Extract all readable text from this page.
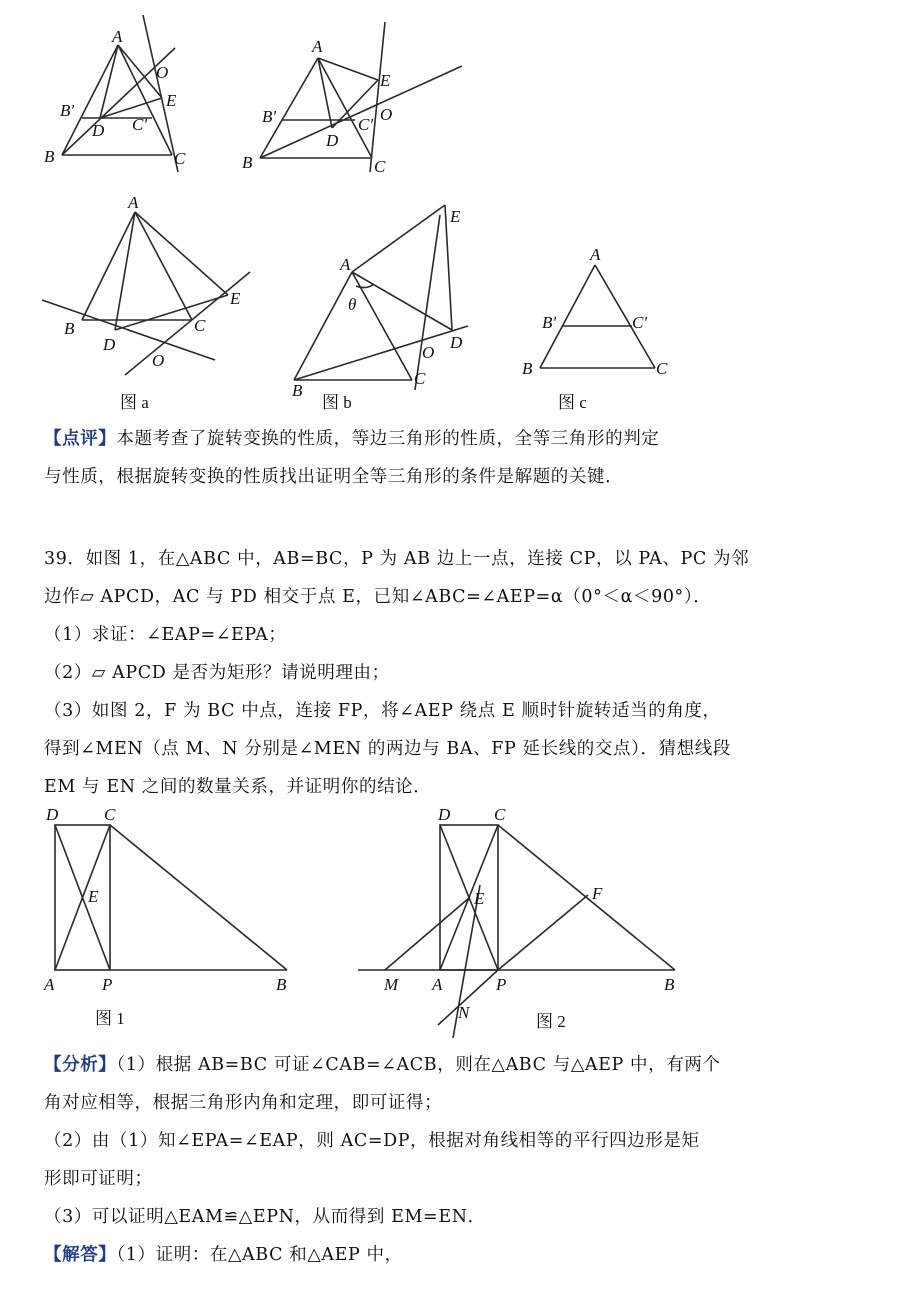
A
B'
D C'
O
E
B	C
A
B'
D
C'
E
O
B	C
A
B
D
C
E
O
图 a
A
θ
E
D
O
B
C
图 b
A
B'	C'
B	C
图 c
【点评】本题考查了旋转变换的性质，等边三角形的性质，全等三角形的判定
与性质，根据旋转变换的性质找出证明全等三角形的条件是解题的关键．
39．如图 1，在△ABC 中，AB=BC，P 为 AB 边上一点，连接 CP，以 PA、PC 为邻
边作▱ APCD，AC 与 PD 相交于点 E，已知∠ABC=∠AEP=α（0°＜α＜90°）．
（1）求证：∠EAP=∠EPA；
（2）▱ APCD 是否为矩形？请说明理由；
（3）如图 2，F 为 BC 中点，连接 FP，将∠AEP 绕点 E 顺时针旋转适当的角度，
得到∠MEN（点 M、N 分别是∠MEN 的两边与 BA、FP 延长线的交点）．猜想线段
EM 与 EN 之间的数量关系，并证明你的结论．
D	C
E
A	P	B
图 1
D	C
E	F
M A	P	B
N	图 2
【分析】（1）根据 AB=BC 可证∠CAB=∠ACB，则在△ABC 与△AEP 中，有两个
角对应相等，根据三角形内角和定理，即可证得；
（2）由（1）知∠EPA=∠EAP，则 AC=DP，根据对角线相等的平行四边形是矩
形即可证明；
（3）可以证明△EAM≌△EPN，从而得到 EM=EN．
【解答】（1）证明：在△ABC 和△AEP 中，
